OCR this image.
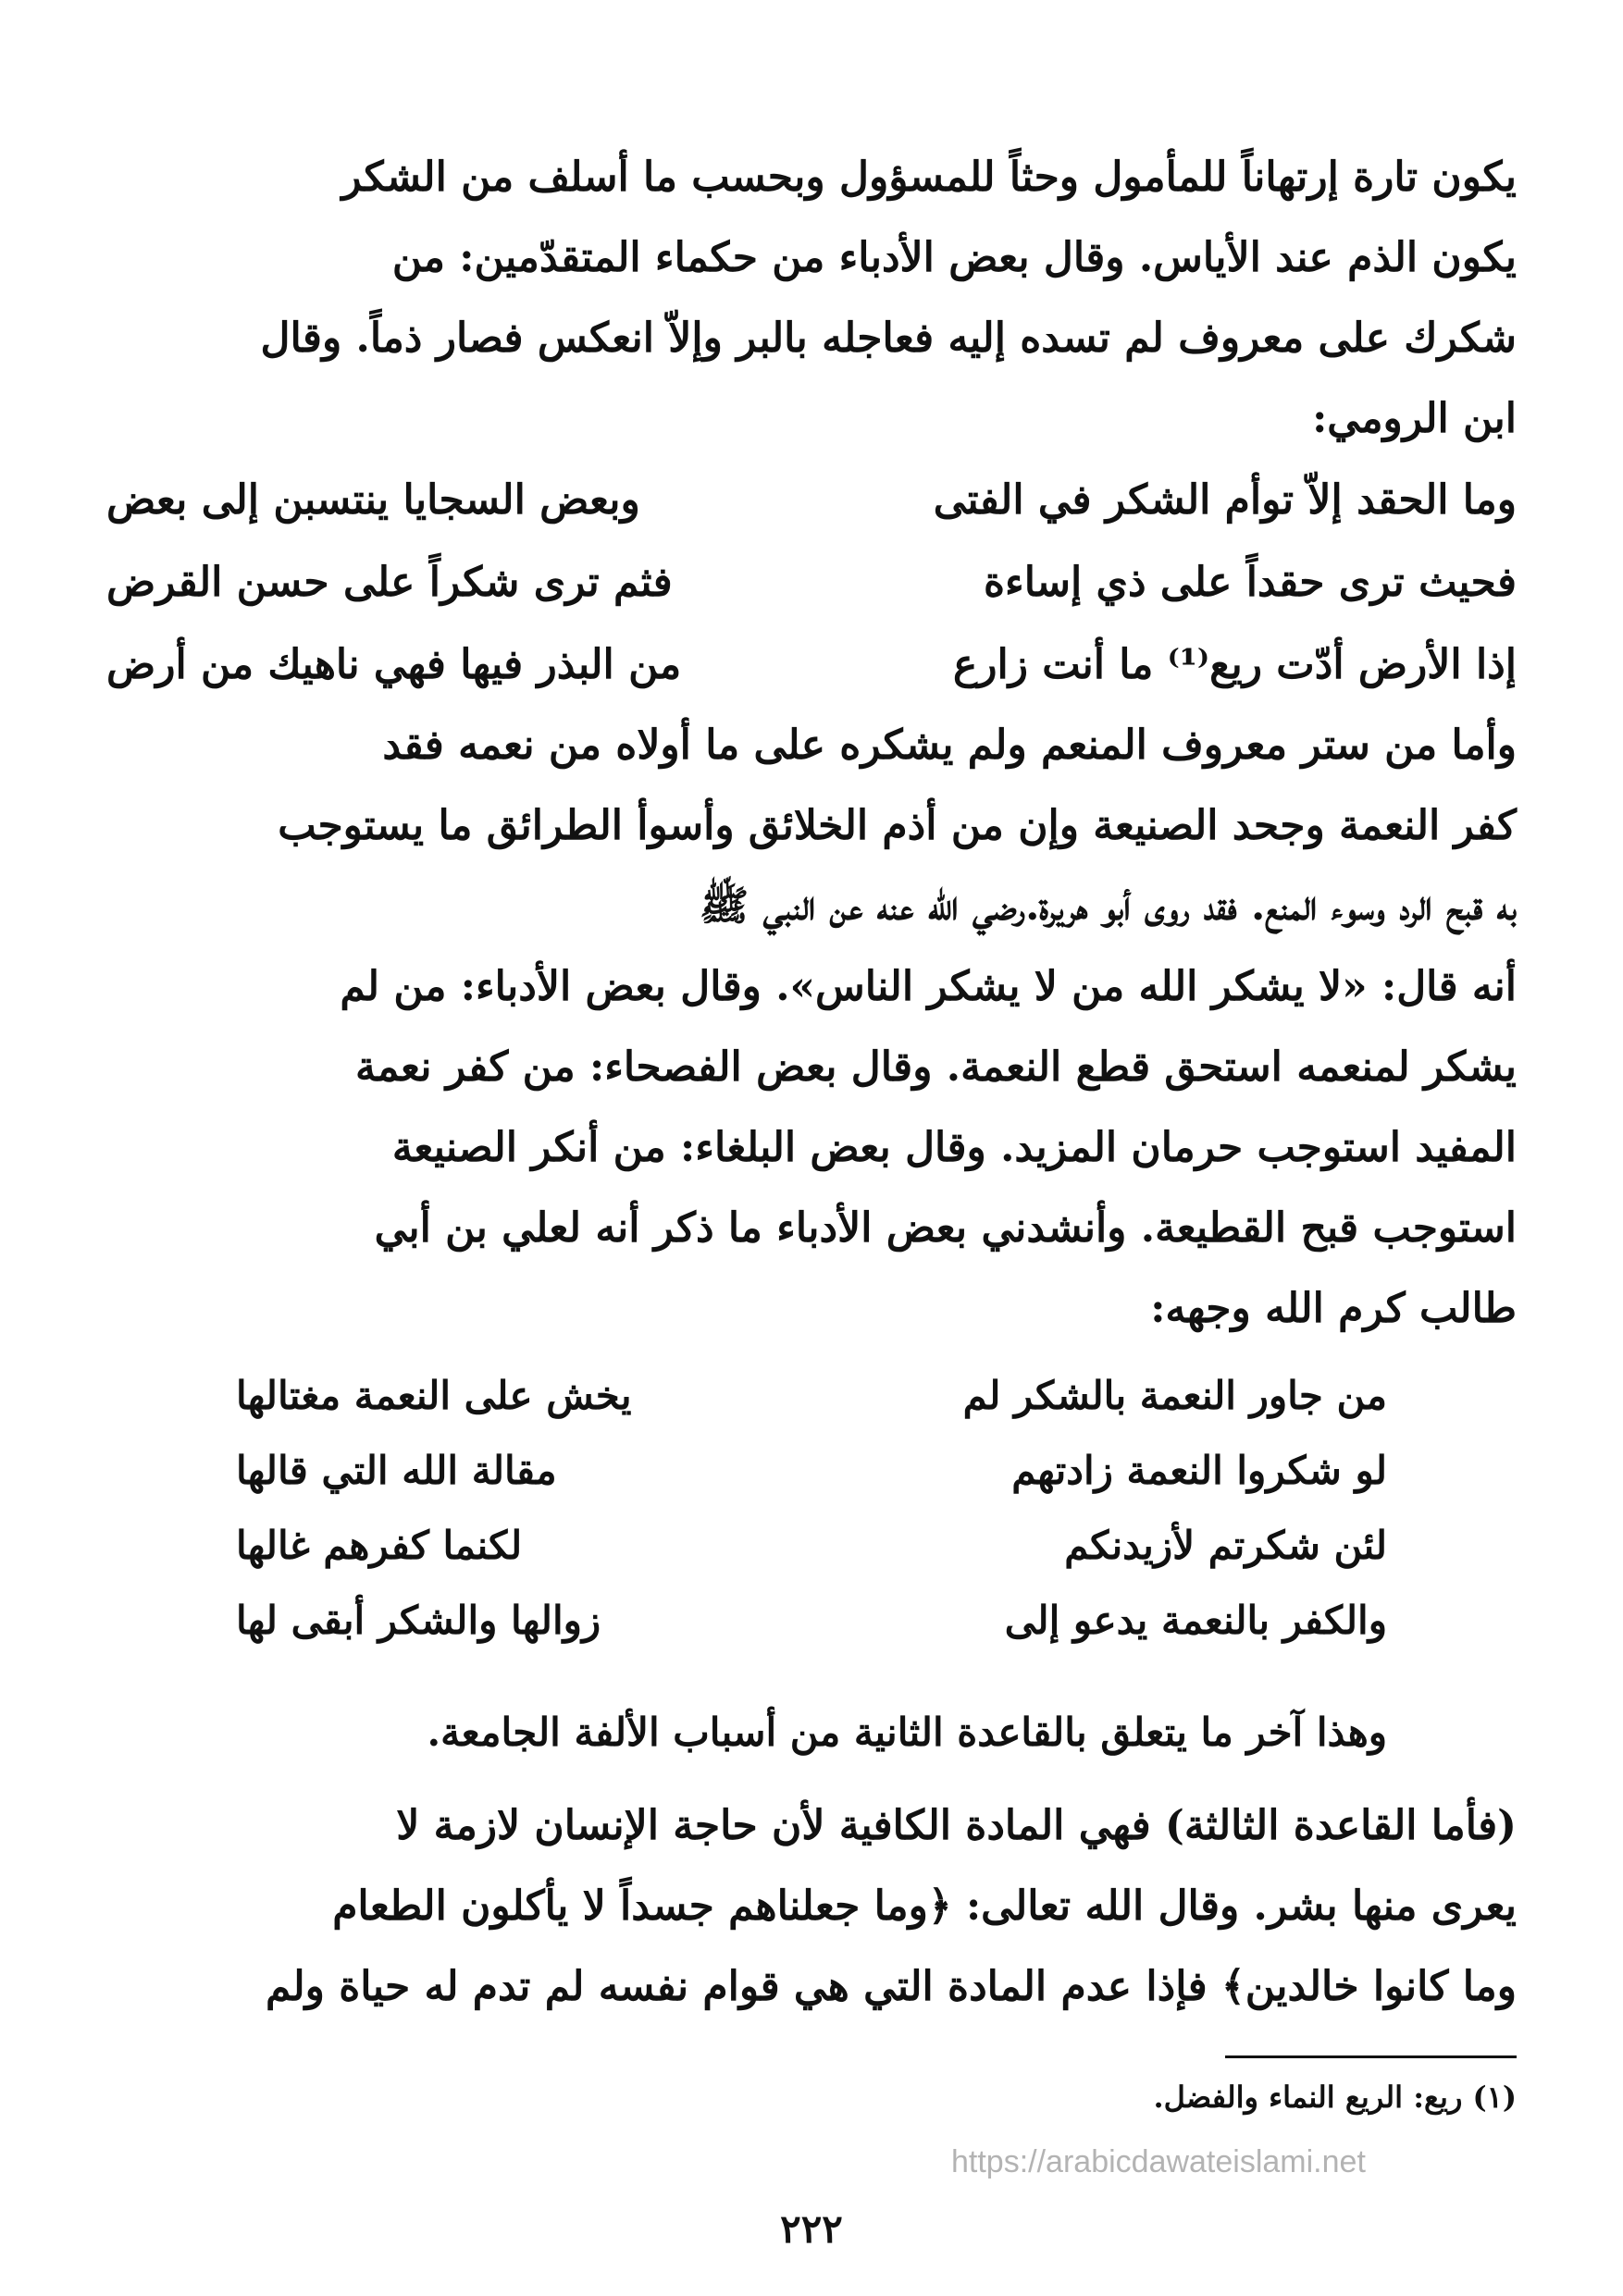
يكون تارة إرتهاناً للمأمول وحثاً للمسؤول وبحسب ما أسلف من الشكر

يكون الذم عند الأياس. وقال بعض الأدباء من حكماء المتقدّمين: من

شكرك على معروف لم تسده إليه فعاجله بالبر وإلاّ انعكس فصار ذماً. وقال

ابن الرومي:

وما الحقد إلاّ توأم الشكر في الفتى
وبعض السجايا ينتسبن إلى بعض
فحيث ترى حقداً على ذي إساءة
فثم ترى شكراً على حسن القرض
إذا الأرض أدّت ريع⁽¹⁾ ما أنت زارع
من البذر فيها فهي ناهيك من أرض

وأما من ستر معروف المنعم ولم يشكره على ما أولاه من نعمه فقد

كفر النعمة وجحد الصنيعة وإن من أذم الخلائق وأسوأ الطرائق ما يستوجب

به قبح الرد وسوء المنع. فقد روى أبو هريرة.رضي الله عنه عن النبي ﷺ

أنه قال: «لا يشكر الله من لا يشكر الناس». وقال بعض الأدباء: من لم

يشكر لمنعمه استحق قطع النعمة. وقال بعض الفصحاء: من كفر نعمة

المفيد استوجب حرمان المزيد. وقال بعض البلغاء: من أنكر الصنيعة

استوجب قبح القطيعة. وأنشدني بعض الأدباء ما ذكر أنه لعلي بن أبي

طالب كرم الله وجهه:

من جاور النعمة بالشكر لم
يخش على النعمة مغتالها
لو شكروا النعمة زادتهم
مقالة الله التي قالها
لئن شكرتم لأزيدنكم
لكنما كفرهم غالها
والكفر بالنعمة يدعو إلى
زوالها والشكر أبقى لها
وهذا آخر ما يتعلق بالقاعدة الثانية من أسباب الألفة الجامعة.

(فأما القاعدة الثالثة) فهي المادة الكافية لأن حاجة الإنسان لازمة لا

يعرى منها بشر. وقال الله تعالى: ﴿وما جعلناهم جسداً لا يأكلون الطعام

وما كانوا خالدين﴾ فإذا عدم المادة التي هي قوام نفسه لم تدم له حياة ولم

(١) ريع: الريع النماء والفضل.
https://arabicdawateislami.net
٢٢٢
